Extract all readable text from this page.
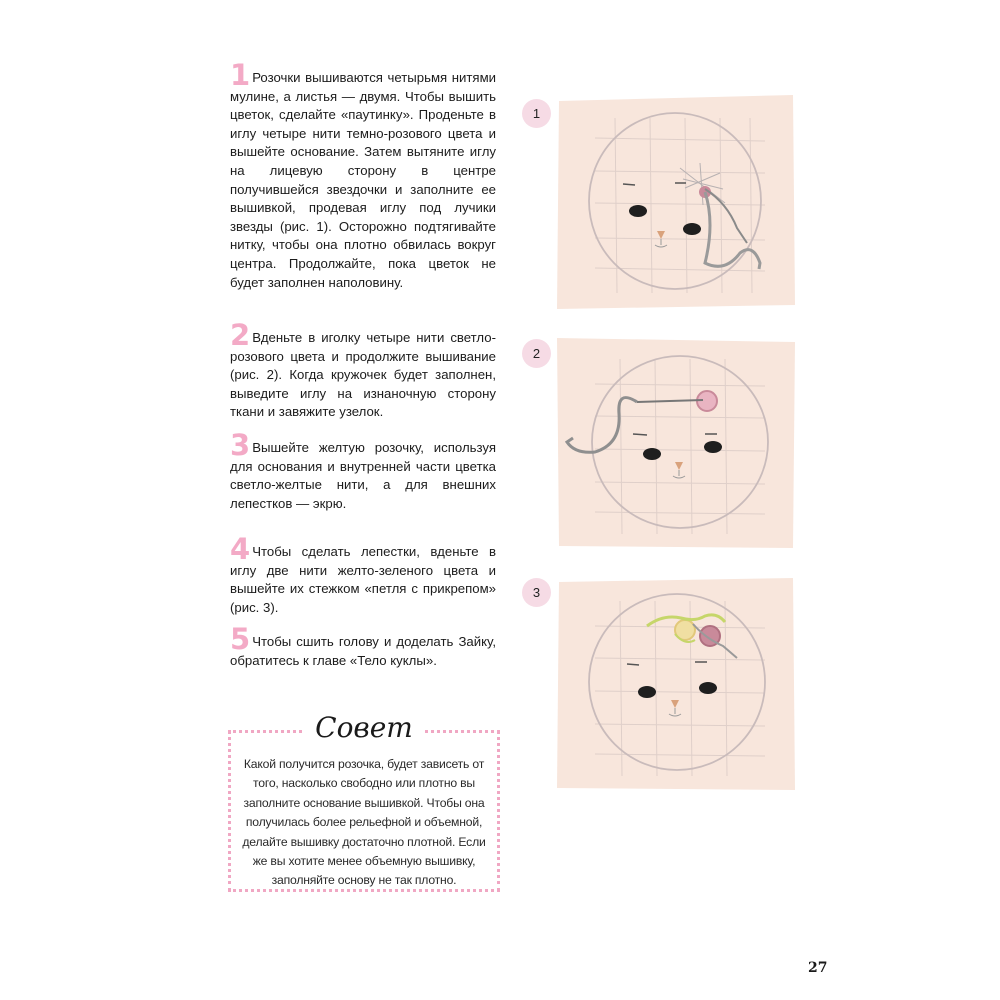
1 Розочки вышиваются четырьмя нитями мулине, а листья — двумя. Чтобы вышить цветок, сделайте «паутинку». Проденьте в иглу четыре нити темно-розового цвета и вышейте основание. Затем вытяните иглу на лицевую сторону в центре получившейся звездочки и заполните ее вышивкой, продевая иглу под лучики звезды (рис. 1). Осторожно подтягивайте нитку, чтобы она плотно обвилась вокруг центра. Продолжайте, пока цветок не будет заполнен наполовину.

2 Вденьте в иголку четыре нити светло-розового цвета и продолжите вышивание (рис. 2). Когда кружочек будет заполнен, выведите иглу на изнаночную сторону ткани и завяжите узелок.

3 Вышейте желтую розочку, используя для основания и внутренней части цветка светло-желтые нити, а для внешних лепестков — экрю.

4 Чтобы сделать лепестки, вденьте в иглу две нити желто-зеленого цвета и вышейте их стежком «петля с прикрепом» (рис. 3).

5 Чтобы сшить голову и доделать Зайку, обратитесь к главе «Тело куклы».

Совет
Какой получится розочка, будет зависеть от того, насколько свободно или плотно вы заполните основание вышивкой. Чтобы она получилась более рельефной и объемной, делайте вышивку достаточно плотной. Если же вы хотите менее объемную вышивку, заполняйте основу не так плотно.
1
2
3
27
